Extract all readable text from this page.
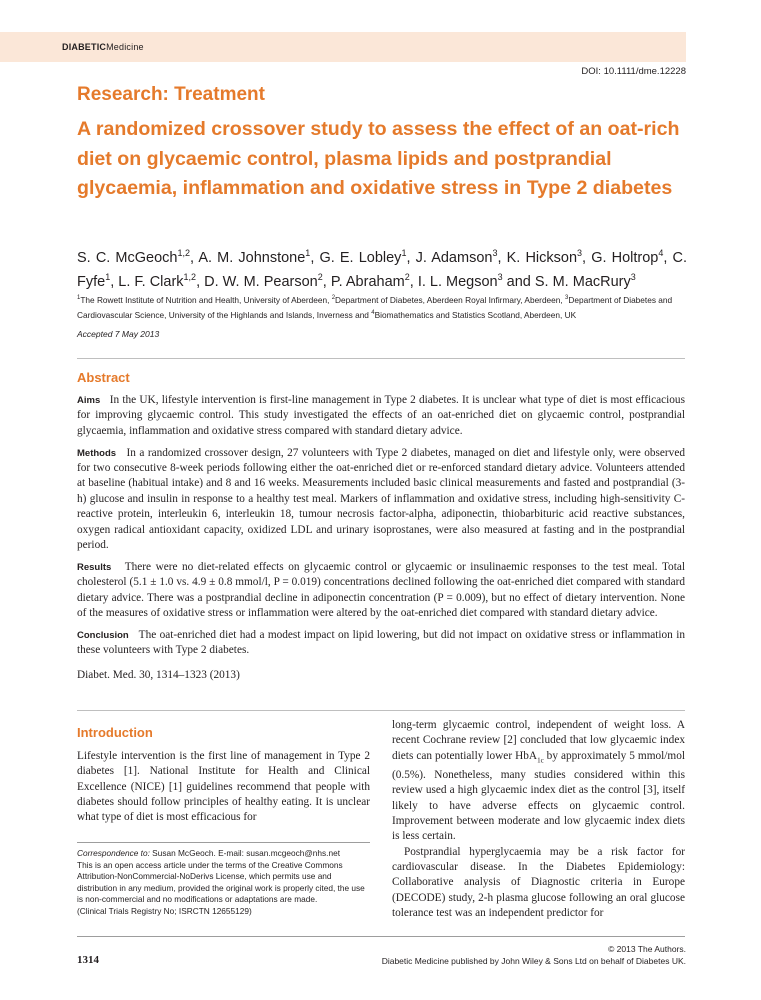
DIABETICMedicine
DOI: 10.1111/dme.12228
Research: Treatment
A randomized crossover study to assess the effect of an oat-rich diet on glycaemic control, plasma lipids and postprandial glycaemia, inflammation and oxidative stress in Type 2 diabetes
S. C. McGeoch$^{1,2}$, A. M. Johnstone$^1$, G. E. Lobley$^1$, J. Adamson$^3$, K. Hickson$^3$, G. Holtrop$^4$, C. Fyfe$^1$, L. F. Clark$^{1,2}$, D. W. M. Pearson$^2$, P. Abraham$^2$, I. L. Megson$^3$ and S. M. MacRury$^3$
$^1$The Rowett Institute of Nutrition and Health, University of Aberdeen, $^2$Department of Diabetes, Aberdeen Royal Infirmary, Aberdeen, $^3$Department of Diabetes and Cardiovascular Science, University of the Highlands and Islands, Inverness and $^4$Biomathematics and Statistics Scotland, Aberdeen, UK
Accepted 7 May 2013
Abstract

Aims In the UK, lifestyle intervention is first-line management in Type 2 diabetes. It is unclear what type of diet is most efficacious for improving glycaemic control. This study investigated the effects of an oat-enriched diet on glycaemic control, postprandial glycaemia, inflammation and oxidative stress compared with standard dietary advice.

Methods In a randomized crossover design, 27 volunteers with Type 2 diabetes, managed on diet and lifestyle only, were observed for two consecutive 8-week periods following either the oat-enriched diet or re-enforced standard dietary advice. Volunteers attended at baseline (habitual intake) and 8 and 16 weeks. Measurements included basic clinical measurements and fasted and postprandial (3-h) glucose and insulin in response to a healthy test meal. Markers of inflammation and oxidative stress, including high-sensitivity C-reactive protein, interleukin 6, interleukin 18, tumour necrosis factor-alpha, adiponectin, thiobarbituric acid reactive substances, oxygen radical antioxidant capacity, oxidized LDL and urinary isoprostanes, were also measured at fasting and in the postprandial period.

Results There were no diet-related effects on glycaemic control or glycaemic or insulinaemic responses to the test meal. Total cholesterol (5.1 ± 1.0 vs. 4.9 ± 0.8 mmol/l, P = 0.019) concentrations declined following the oat-enriched diet compared with standard dietary advice. There was a postprandial decline in adiponectin concentration (P = 0.009), but no effect of dietary intervention. None of the measures of oxidative stress or inflammation were altered by the oat-enriched diet compared with standard dietary advice.

Conclusion The oat-enriched diet had a modest impact on lipid lowering, but did not impact on oxidative stress or inflammation in these volunteers with Type 2 diabetes.

Diabet. Med. 30, 1314–1323 (2013)

Introduction
Lifestyle intervention is the first line of management in Type 2 diabetes [1]. National Institute for Health and Clinical Excellence (NICE) [1] guidelines recommend that people with diabetes should follow principles of healthy eating. It is unclear what type of diet is most efficacious for

long-term glycaemic control, independent of weight loss. A recent Cochrane review [2] concluded that low glycaemic index diets can potentially lower HbA$_{1c}$ by approximately 5 mmol/mol (0.5%). Nonetheless, many studies considered within this review used a high glycaemic index diet as the control [3], itself likely to have adverse effects on glycaemic control. Improvement between moderate and low glycaemic index diets is less certain.

Postprandial hyperglycaemia may be a risk factor for cardiovascular disease. In the Diabetes Epidemiology: Collaborative analysis of Diagnostic criteria in Europe (DECODE) study, 2-h plasma glucose following an oral glucose tolerance test was an independent predictor for

Correspondence to: Susan McGeoch. E-mail: susan.mcgeoch@nhs.net
This is an open access article under the terms of the Creative Commons Attribution-NonCommercial-NoDerivs License, which permits use and distribution in any medium, provided the original work is properly cited, the use is non-commercial and no modifications or adaptations are made.
(Clinical Trials Registry No; ISRCTN 12655129)
1314
© 2013 The Authors.
Diabetic Medicine published by John Wiley & Sons Ltd on behalf of Diabetes UK.
